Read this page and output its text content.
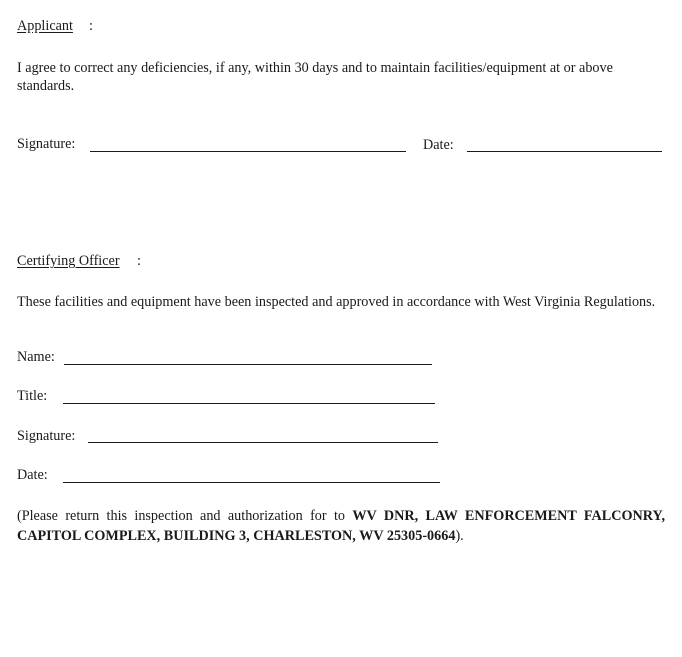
Applicant :
I agree to correct any deficiencies, if any, within 30 days and to maintain facilities/equipment at or above standards.
Signature:	Date:
Certifying Officer :
These facilities and equipment have been inspected and approved in accordance with West Virginia Regulations.
Name:
Title:
Signature:
Date:
(Please return this inspection and authorization for to WV DNR, LAW ENFORCEMENT FALCONRY, CAPITOL COMPLEX, BUILDING 3, CHARLESTON, WV 25305-0664).
